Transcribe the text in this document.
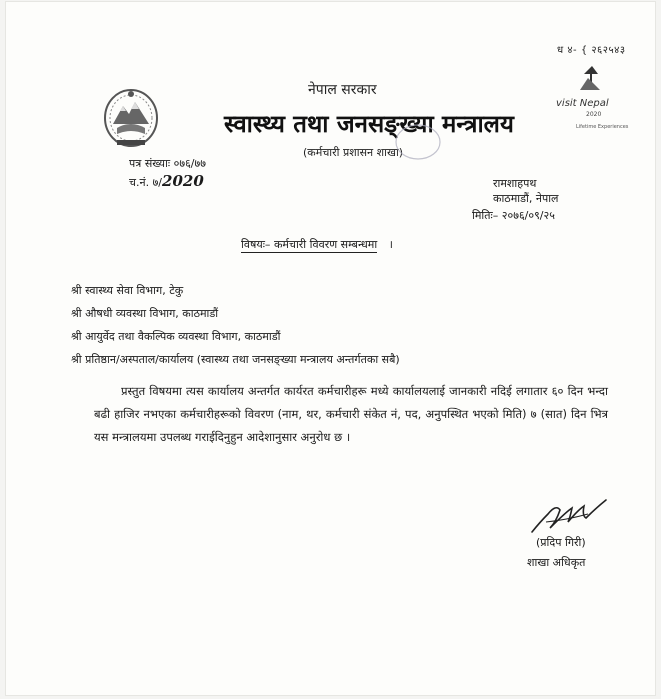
ध ४- { २६२५४३
नेपाल सरकार
स्वास्थ्य तथा जनसङ्ख्या मन्त्रालय
(कर्मचारी प्रशासन शाखा)
visit Nepal
2020
Lifetime Experiences
पत्र संख्याः ०७६/७७
च.नं. ७/2020	रामशाहपथ
काठमाडौं, नेपाल
मितिः– २०७६/०९/२५
विषयः– कर्मचारी विवरण सम्बन्धमा ।
श्री स्वास्थ्य सेवा विभाग, टेकु
श्री औषधी व्यवस्था विभाग, काठमाडौं
श्री आयुर्वेद तथा वैकल्पिक व्यवस्था विभाग, काठमाडौं
श्री प्रतिष्ठान/अस्पताल/कार्यालय (स्वास्थ्य तथा जनसङ्ख्या मन्त्रालय अन्तर्गतका सबै)
प्रस्तुत विषयमा त्यस कार्यालय अन्तर्गत कार्यरत कर्मचारीहरू मध्ये कार्यालयलाई जानकारी नदिई लगातार ६० दिन भन्दा बढी हाजिर नभएका कर्मचारीहरूको विवरण (नाम, थर, कर्मचारी संकेत नं, पद, अनुपस्थित भएको मिति) ७ (सात) दिन भित्र यस मन्त्रालयमा उपलब्ध गराईदिनुहुन आदेशानुसार अनुरोध छ ।
(प्रदिप गिरी)
शाखा अधिकृत
